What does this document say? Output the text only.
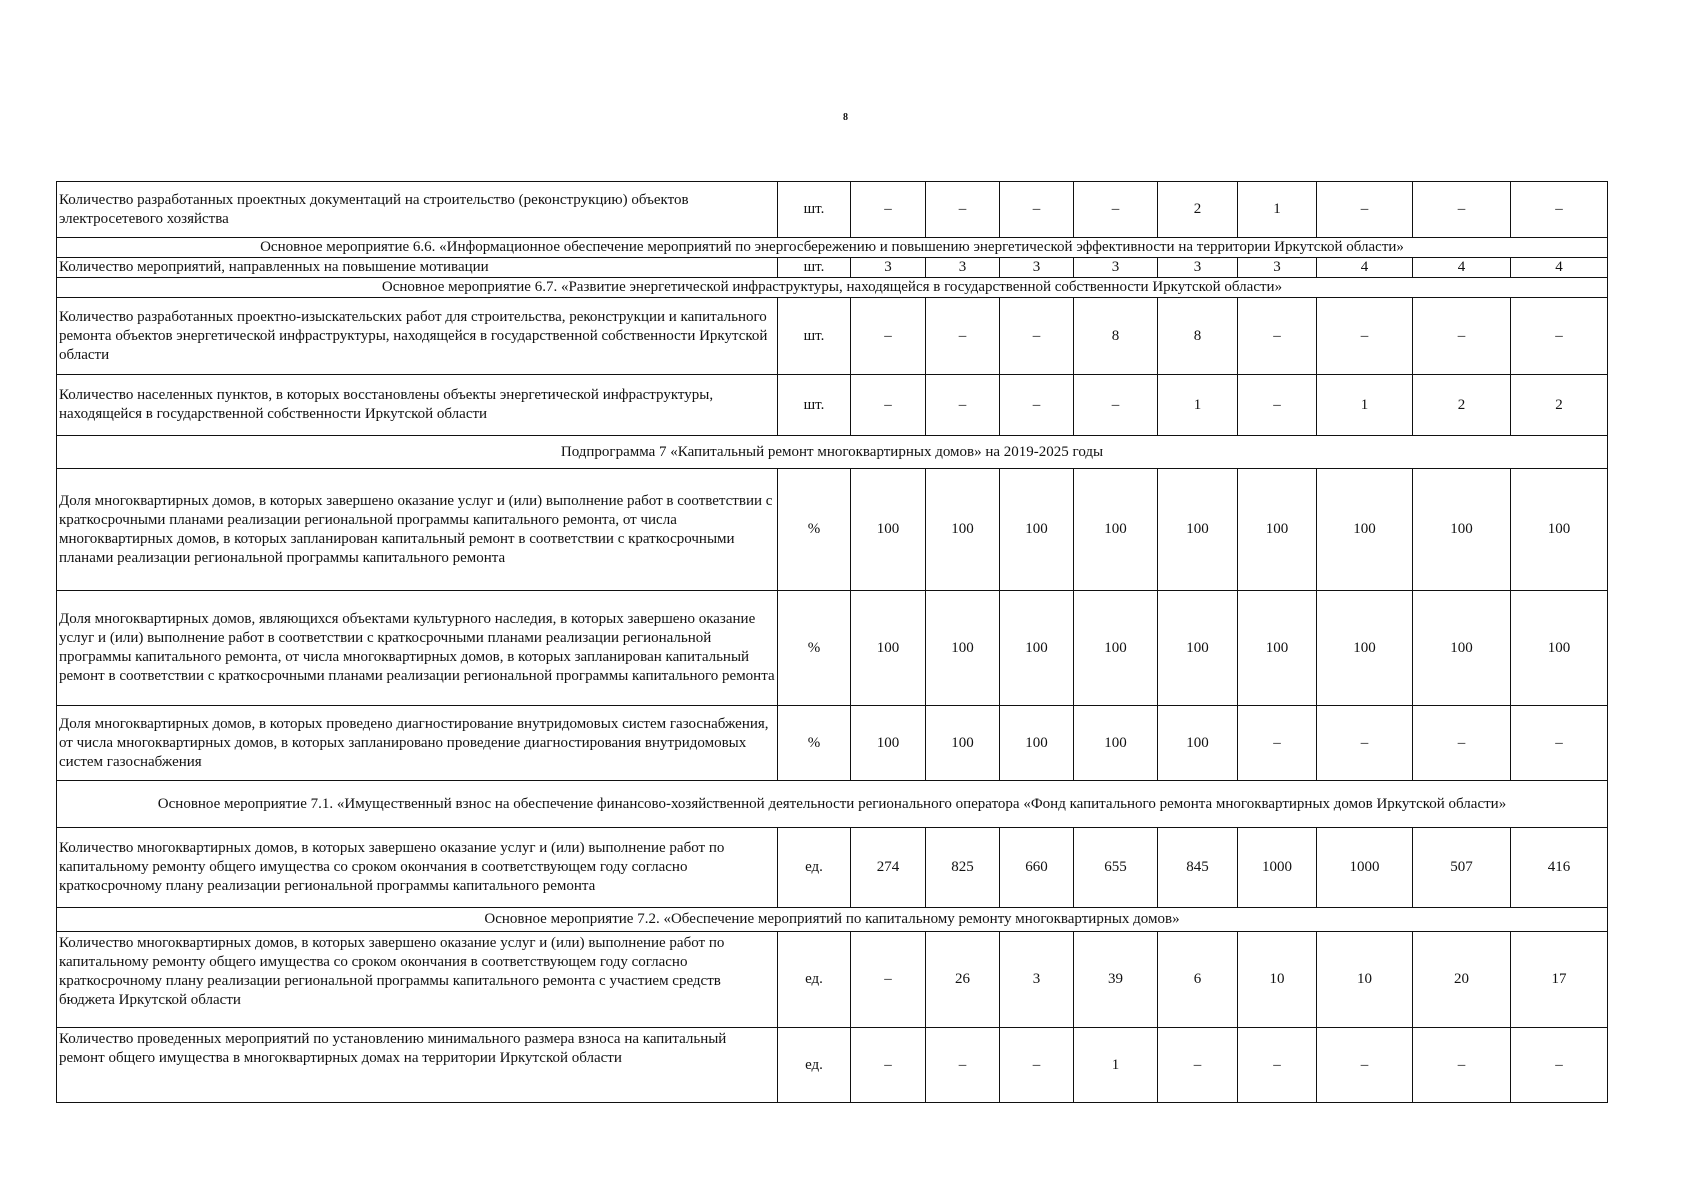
8
Количество разработанных проектных документаций на строительство (реконструкцию) объектов электросетевого хозяйства	шт.	–	–	–	–	2	1	–	–	–
Основное мероприятие 6.6. «Информационное обеспечение мероприятий по энергосбережению и повышению энергетической эффективности на территории Иркутской области»										
Количество мероприятий, направленных на повышение мотивации	шт.	3	3	3	3	3	3	4	4	4
Основное мероприятие 6.7. «Развитие энергетической инфраструктуры, находящейся в государственной собственности Иркутской области»										
Количество разработанных проектно-изыскательских работ для строительства, реконструкции и капитального ремонта объектов энергетической инфраструктуры, находящейся в государственной собственности Иркутской области	шт.	–	–	–	8	8	–	–	–	–
Количество населенных пунктов, в которых восстановлены объекты энергетической инфраструктуры, находящейся в государственной собственности Иркутской области	шт.	–	–	–	–	1	–	1	2	2
Подпрограмма 7 «Капитальный ремонт многоквартирных домов» на 2019-2025 годы										
Доля многоквартирных домов, в которых завершено оказание услуг и (или) выполнение работ в соответствии с краткосрочными планами реализации региональной программы капитального ремонта, от числа многоквартирных домов, в которых запланирован капитальный ремонт в соответствии с краткосрочными планами реализации региональной программы капитального ремонта	%	100	100	100	100	100	100	100	100	100
Доля многоквартирных домов, являющихся объектами культурного наследия, в которых завершено оказание услуг и (или) выполнение работ в соответствии с краткосрочными планами реализации региональной программы капитального ремонта, от числа многоквартирных домов, в которых запланирован капитальный ремонт в соответствии с краткосрочными планами реализации региональной программы капитального ремонта	%	100	100	100	100	100	100	100	100	100
Доля многоквартирных домов, в которых проведено диагностирование внутридомовых систем газоснабжения, от числа многоквартирных домов, в которых запланировано проведение диагностирования внутридомовых систем газоснабжения	%	100	100	100	100	100	–	–	–	–
Основное мероприятие 7.1. «Имущественный взнос на обеспечение финансово-хозяйственной деятельности регионального оператора «Фонд капитального ремонта многоквартирных домов Иркутской области»										
Количество многоквартирных домов, в которых завершено оказание услуг и (или) выполнение работ по капитальному ремонту общего имущества со сроком окончания в соответствующем году согласно краткосрочному плану реализации региональной программы капитального ремонта	ед.	274	825	660	655	845	1000	1000	507	416
Основное мероприятие 7.2. «Обеспечение мероприятий по капитальному ремонту многоквартирных домов»										
Количество многоквартирных домов, в которых завершено оказание услуг и (или) выполнение работ по капитальному ремонту общего имущества со сроком окончания в соответствующем году согласно краткосрочному плану реализации региональной программы капитального ремонта с участием средств бюджета Иркутской области	ед.	–	26	3	39	6	10	10	20	17
Количество проведенных мероприятий по установлению минимального размера взноса на капитальный ремонт общего имущества в многоквартирных домах на территории Иркутской области	ед.	–	–	–	1	–	–	–	–	–
